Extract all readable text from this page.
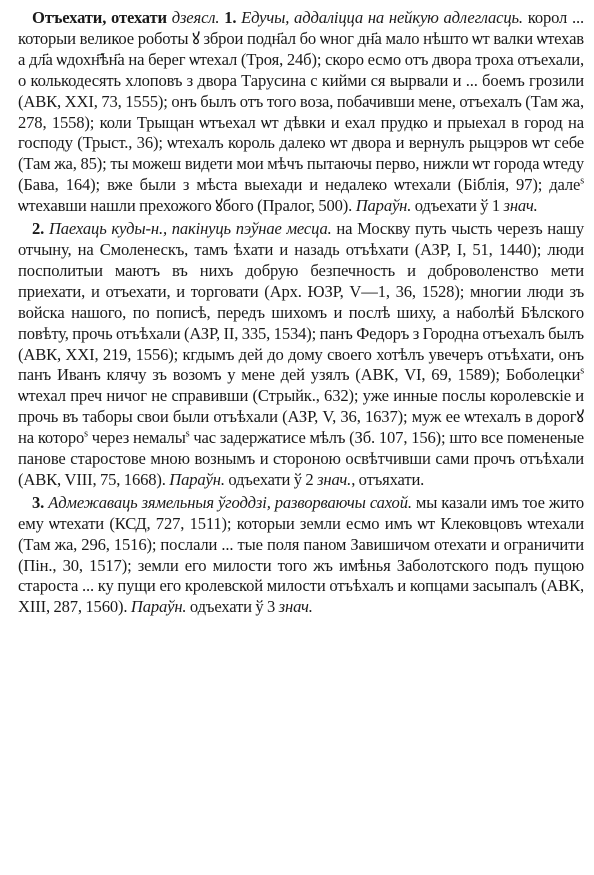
Отъехати, отехати дзеясл. 1. Едучы, аддаліцца на нейкую адлегласць. корол ... которыи великое роботы ꙋ зброи подн҃ал бо ѡног дн҃а мало нѣшто ѡт валки ѡтехав а дл҃а ѡдохн҃ѣн҃а на берег ѡтехал (Троя, 24б); скоро есмо отъ двора троха отъехали, о колькодесять хлоповъ з двора Тарусина с кийми ся вырвали и ... боемъ грозили (АВК, XXI, 73, 1555); онъ былъ отъ того воза, побачивши мене, отъехалъ (Там жа, 278, 1558); коли Трыщан ѡтъехал ѡт дѣвки и ехал прудко и прыехал в город на господу (Трыст., 36); ѡтехалъ король далеко ѡт двора и вернулъ рыцэров ѡт себе (Там жа, 85); ты можеш видети мои мѣчъ пытаючы перво, нижли ѡт города ѡтеду (Бава, 164); вже были з мѣста выехади и недалеко ѡтехали (Біблія, 97); дале$^s$ ѡтехавши нашли прехожого ꙋбого (Пралог, 500). Параўн. одъехати ў 1 знач.

2. Паехаць куды-н., пакінуць пэўнае месца. на Москву путь чысть черезъ нашу отчыну, на Смоленескъ, тамъ ѣхати и назадь отъѣхати (АЗР, I, 51, 1440); люди посполитыи маютъ въ нихъ добрую безпечность и доброволенство мети приехати, и отъехати, и торговати (Арх. ЮЗР, V—1, 36, 1528); многии люди зъ войска нашого, по пописѣ, передъ шихомъ и послѣ шиху, а наболѣй Бѣлского повѣту, прочь отъѣхали (АЗР, II, 335, 1534); панъ Федоръ з Городна отъехалъ былъ (АВК, XXI, 219, 1556); кгдымъ дей до дому своего хотѣлъ увечеръ отъѣхати, онъ панъ Иванъ клячу зъ возомъ у мене дей узялъ (АВК, VI, 69, 1589); Боболецки$^s$ ѡтехал преч ничог не справивши (Стрыйк., 632); уже инные послы королевскіе и прочь въ таборы свои были отъѣхали (АЗР, V, 36, 1637); муж ее ѡтехалъ в дорогꙋ на которо$^s$ через немалы$^s$ час задержатисе мѣлъ (Зб. 107, 156); што все помененые панове старостове мною вознымъ и стороною освѣтчивши сами прочъ отъѣхали (АВК, VIII, 75, 1668). Параўн. одъехати ў 2 знач., отъяхати.

3. Адмежаваць зямельныя ўгоддзі, разворваючы сахой. мы казали имъ тое жито ему ѡтехати (КСД, 727, 1511); которыи земли есмо имъ ѡт Клековцовъ ѡтехали (Там жа, 296, 1516); послали ... тые поля паном Завишичом отехати и ограничити (Пін., 30, 1517); земли его милости того жъ имѣнья Заболотского подъ пущою староста ... ку пущи его кролевской милости отъѣхалъ и копцами засыпалъ (АВК, XIII, 287, 1560). Параўн. одъехати ў 3 знач.
